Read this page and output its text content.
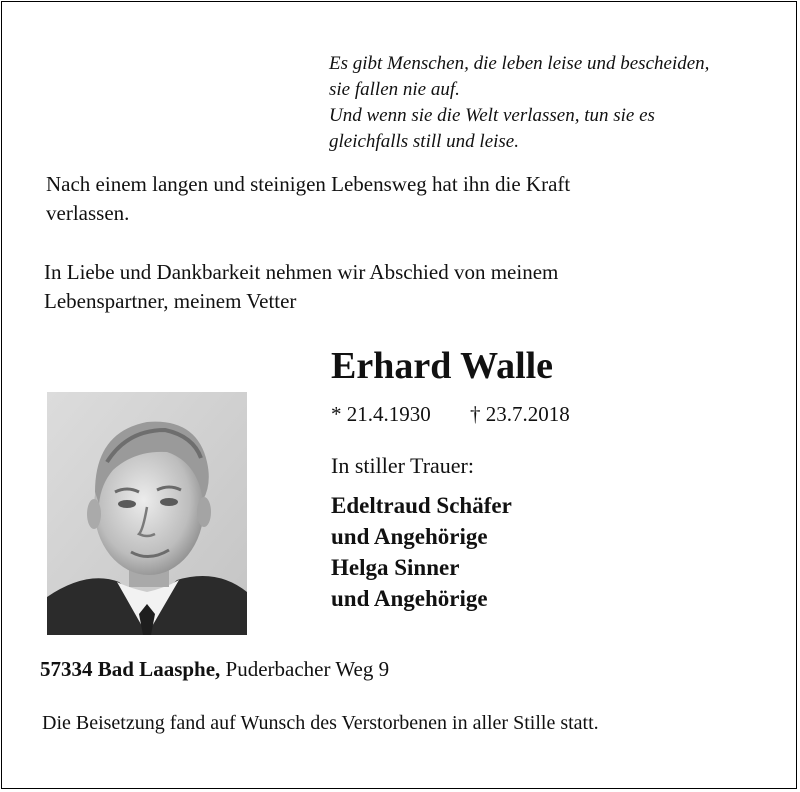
Es gibt Menschen, die leben leise und bescheiden,
sie fallen nie auf.
Und wenn sie die Welt verlassen, tun sie es
gleichfalls still und leise.
Nach einem langen und steinigen Lebensweg hat ihn die Kraft
verlassen.
In Liebe und Dankbarkeit nehmen wir Abschied von meinem
Lebenspartner, meinem Vetter
Erhard Walle
* 21.4.1930 † 23.7.2018
In stiller Trauer:
Edeltraud Schäfer
und Angehörige
Helga Sinner
und Angehörige
57334 Bad Laasphe, Puderbacher Weg 9
Die Beisetzung fand auf Wunsch des Verstorbenen in aller Stille statt.
